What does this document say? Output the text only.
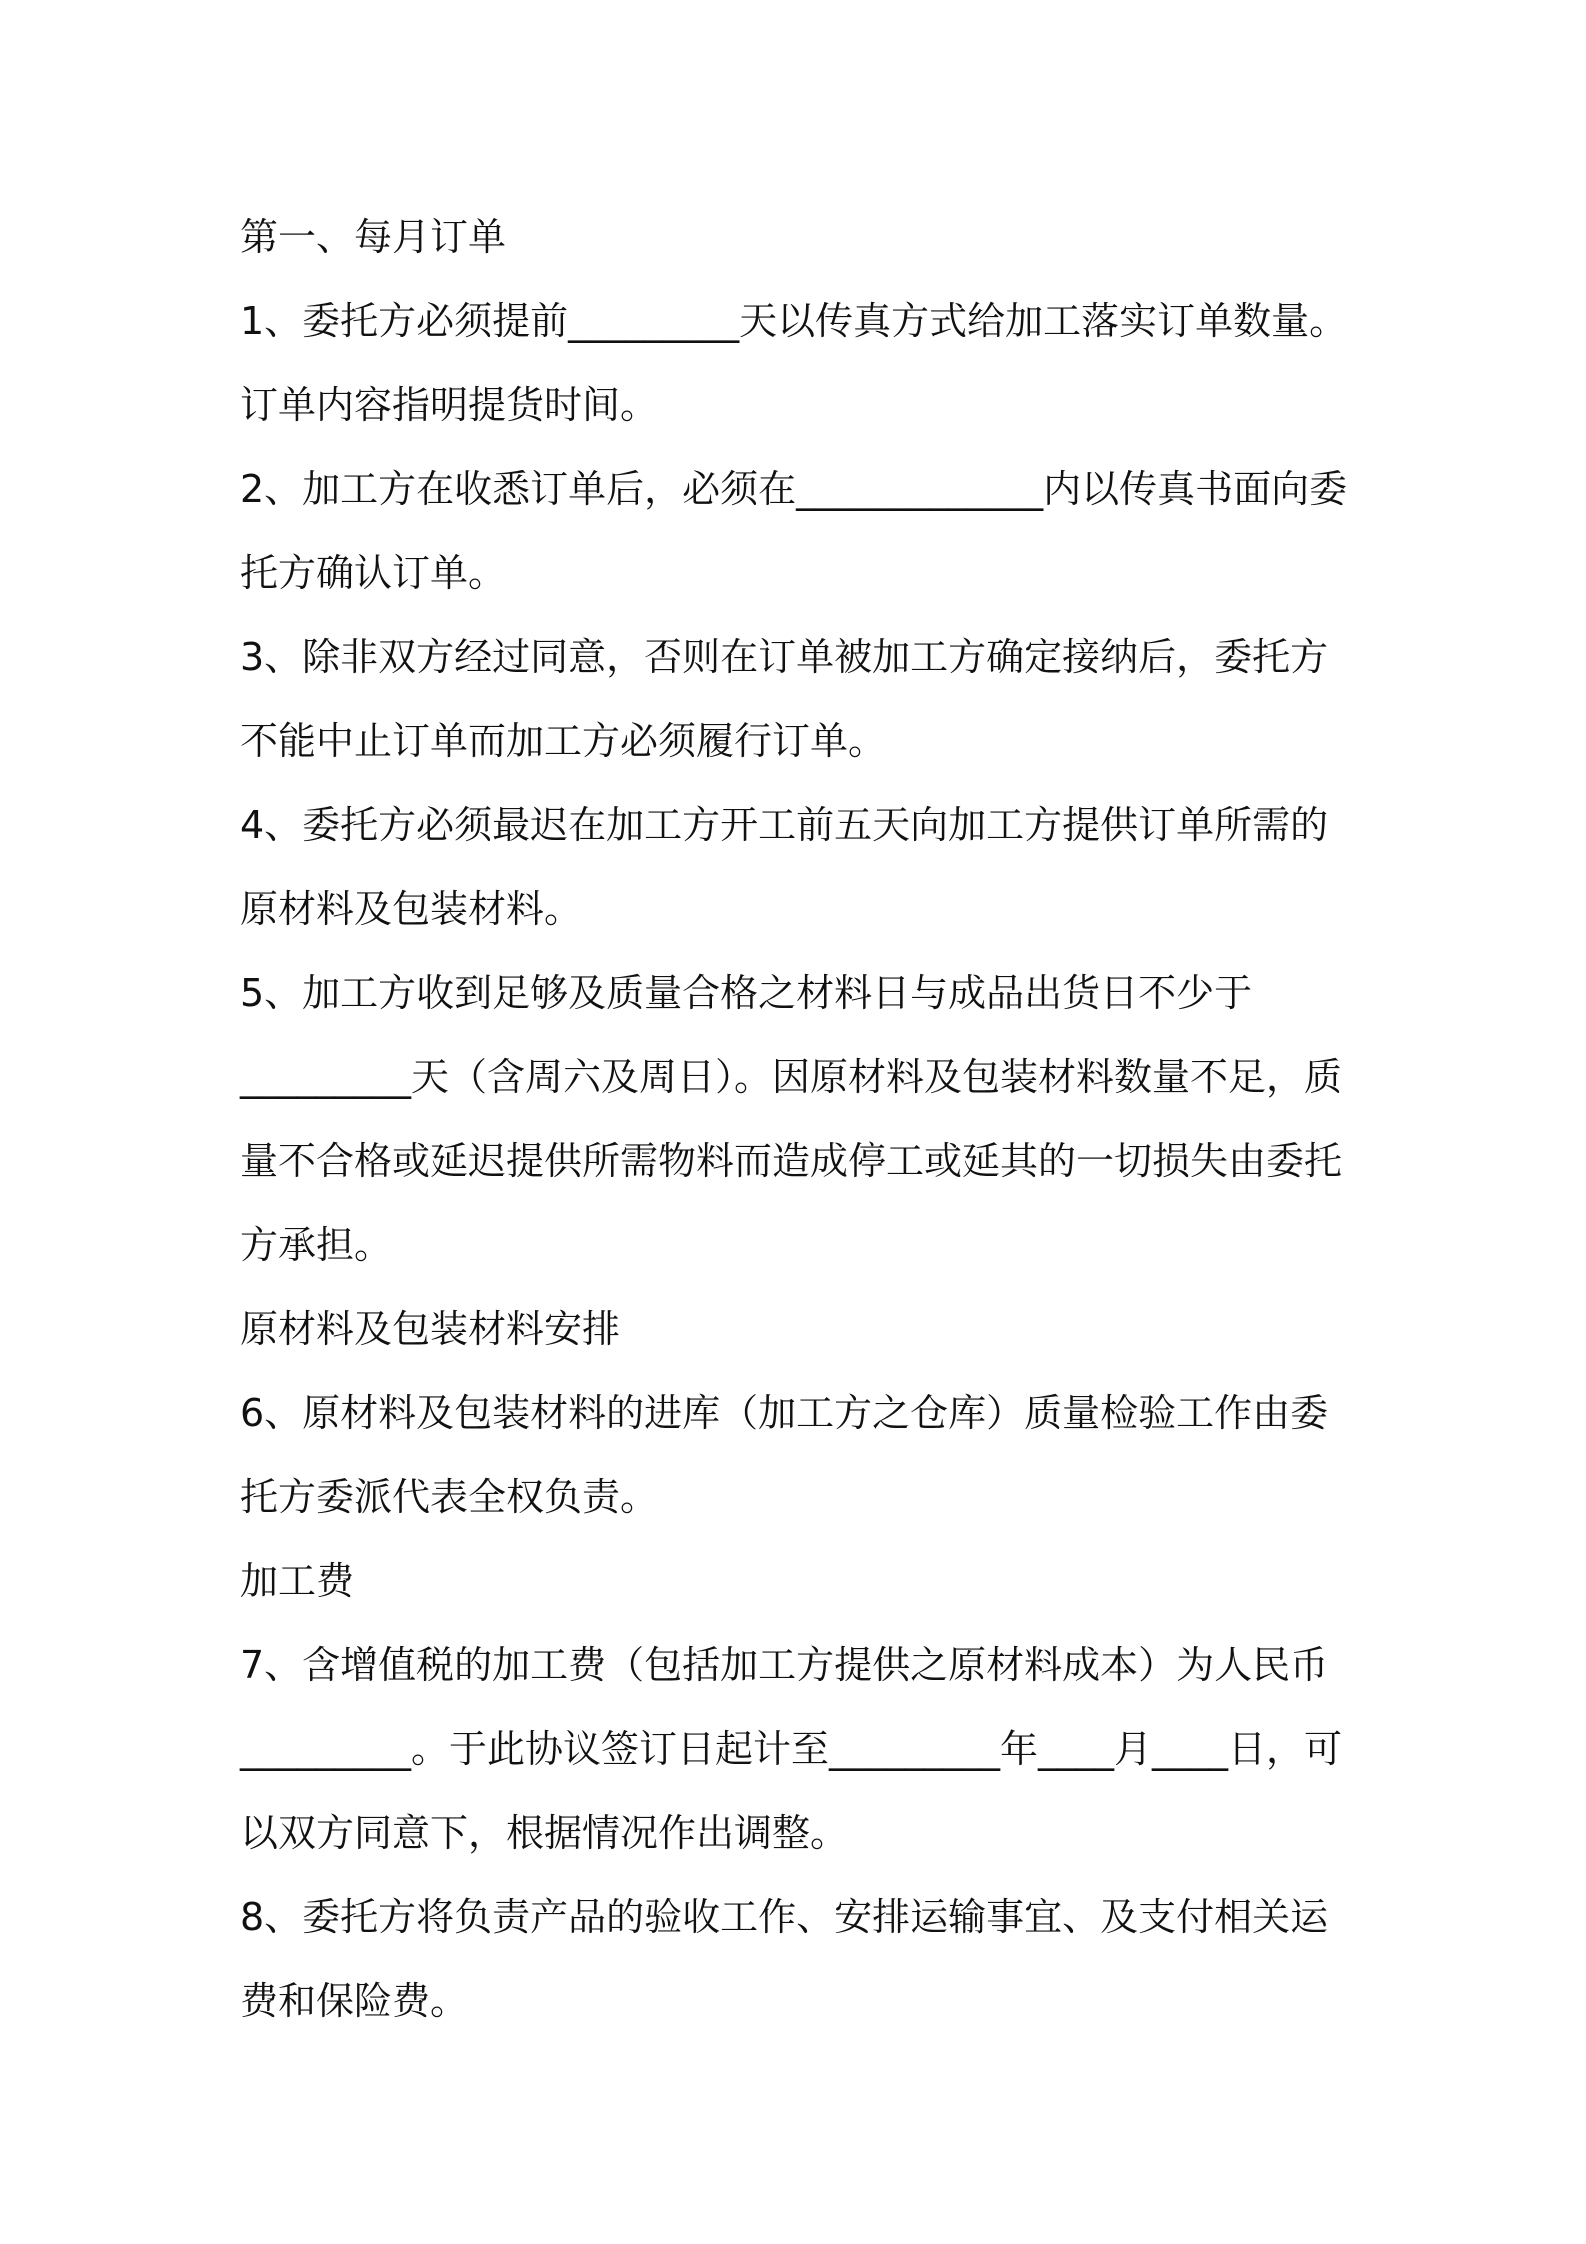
第一、每月订单

1、委托方必须提前_________天以传真方式给加工落实订单数量。订单内容指明提货时间。

2、加工方在收悉订单后，必须在_____________内以传真书面向委托方确认订单。

3、除非双方经过同意，否则在订单被加工方确定接纳后，委托方不能中止订单而加工方必须履行订单。

4、委托方必须最迟在加工方开工前五天向加工方提供订单所需的原材料及包装材料。

5、加工方收到足够及质量合格之材料日与成品出货日不少于

_________天（含周六及周日）。因原材料及包装材料数量不足，质量不合格或延迟提供所需物料而造成停工或延其的一切损失由委托方承担。

原材料及包装材料安排

6、原材料及包装材料的进库（加工方之仓库）质量检验工作由委托方委派代表全权负责。

加工费

7、含增值税的加工费（包括加工方提供之原材料成本）为人民币

_________。于此协议签订日起计至_________年____月____日，可以双方同意下，根据情况作出调整。

8、委托方将负责产品的验收工作、安排运输事宜、及支付相关运费和保险费。
